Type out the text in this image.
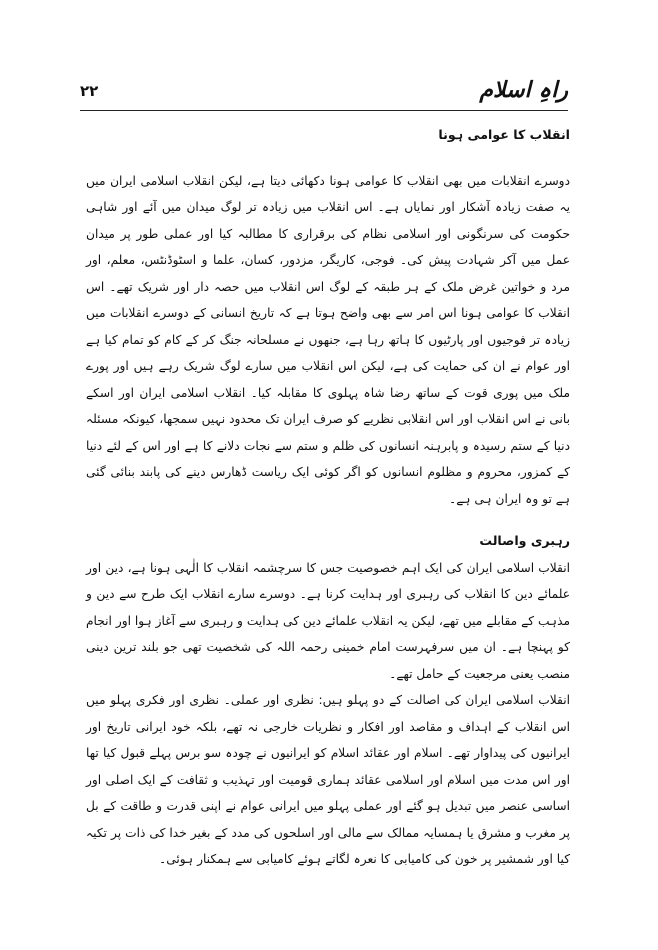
۲۲	راہِ اسلام

انقلاب کا عوامی ہونا

دوسرے انقلابات میں بھی انقلاب کا عوامی ہونا دکھائی دیتا ہے، لیکن انقلاب اسلامی ایران میں یہ صفت زیادہ آشکار اور نمایاں ہے۔ اس انقلاب میں زیادہ تر لوگ میدان میں آئے اور شاہی حکومت کی سرنگونی اور اسلامی نظام کی برقراری کا مطالبہ کیا اور عملی طور پر میدان عمل میں آکر شہادت پیش کی۔ فوجی، کاریگر، مزدور، کسان، علما و اسٹوڈنٹس، معلم، اور مرد و خواتین غرض ملک کے ہر طبقہ کے لوگ اس انقلاب میں حصہ دار اور شریک تھے۔ اس انقلاب کا عوامی ہونا اس امر سے بھی واضح ہوتا ہے کہ تاریخ انسانی کے دوسرے انقلابات میں زیادہ تر فوجیوں اور پارٹیوں کا ہاتھ رہا ہے، جنھوں نے مسلحانہ جنگ کر کے کام کو تمام کیا ہے اور عوام نے ان کی حمایت کی ہے، لیکن اس انقلاب میں سارے لوگ شریک رہے ہیں اور پورے ملک میں پوری قوت کے ساتھ رضا شاہ پہلوی کا مقابلہ کیا۔ انقلاب اسلامی ایران اور اسکے بانی نے اس انقلاب اور اس انقلابی نظریے کو صرف ایران تک محدود نہیں سمجھا، کیونکہ مسئلہ دنیا کے ستم رسیدہ و پابرہنہ انسانوں کی ظلم و ستم سے نجات دلانے کا ہے اور اس کے لئے دنیا کے کمزور، محروم و مظلوم انسانوں کو اگر کوئی ایک ریاست ڈھارس دینے کی پابند بنائی گئی ہے تو وہ ایران ہی ہے۔

رہبری واصالت

انقلاب اسلامی ایران کی ایک اہم خصوصیت جس کا سرچشمہ انقلاب کا الٰہی ہونا ہے، دین اور علمائے دین کا انقلاب کی رہبری اور ہدایت کرنا ہے۔ دوسرے سارے انقلاب ایک طرح سے دین و مذہب کے مقابلے میں تھے، لیکن یہ انقلاب علمائے دین کی ہدایت و رہبری سے آغاز ہوا اور انجام کو پہنچا ہے۔ ان میں سرفہرست امام خمینی رحمہ اللہ کی شخصیت تھی جو بلند ترین دینی منصب یعنی مرجعیت کے حامل تھے۔

انقلاب اسلامی ایران کی اصالت کے دو پہلو ہیں: نظری اور عملی۔ نظری اور فکری پہلو میں اس انقلاب کے اہداف و مقاصد اور افکار و نظریات خارجی نہ تھے، بلکہ خود ایرانی تاریخ اور ایرانیوں کی پیداوار تھے۔ اسلام اور عقائد اسلام کو ایرانیوں نے چودہ سو برس پہلے قبول کیا تھا اور اس مدت میں اسلام اور اسلامی عقائد ہماری قومیت اور تہذیب و ثقافت کے ایک اصلی اور اساسی عنصر میں تبدیل ہو گئے اور عملی پہلو میں ایرانی عوام نے اپنی قدرت و طاقت کے بل پر مغرب و مشرق یا ہمسایہ ممالک سے مالی اور اسلحوں کی مدد کے بغیر خدا کی ذات پر تکیہ کیا اور شمشیر پر خون کی کامیابی کا نعرہ لگاتے ہوئے کامیابی سے ہمکنار ہوئی۔
